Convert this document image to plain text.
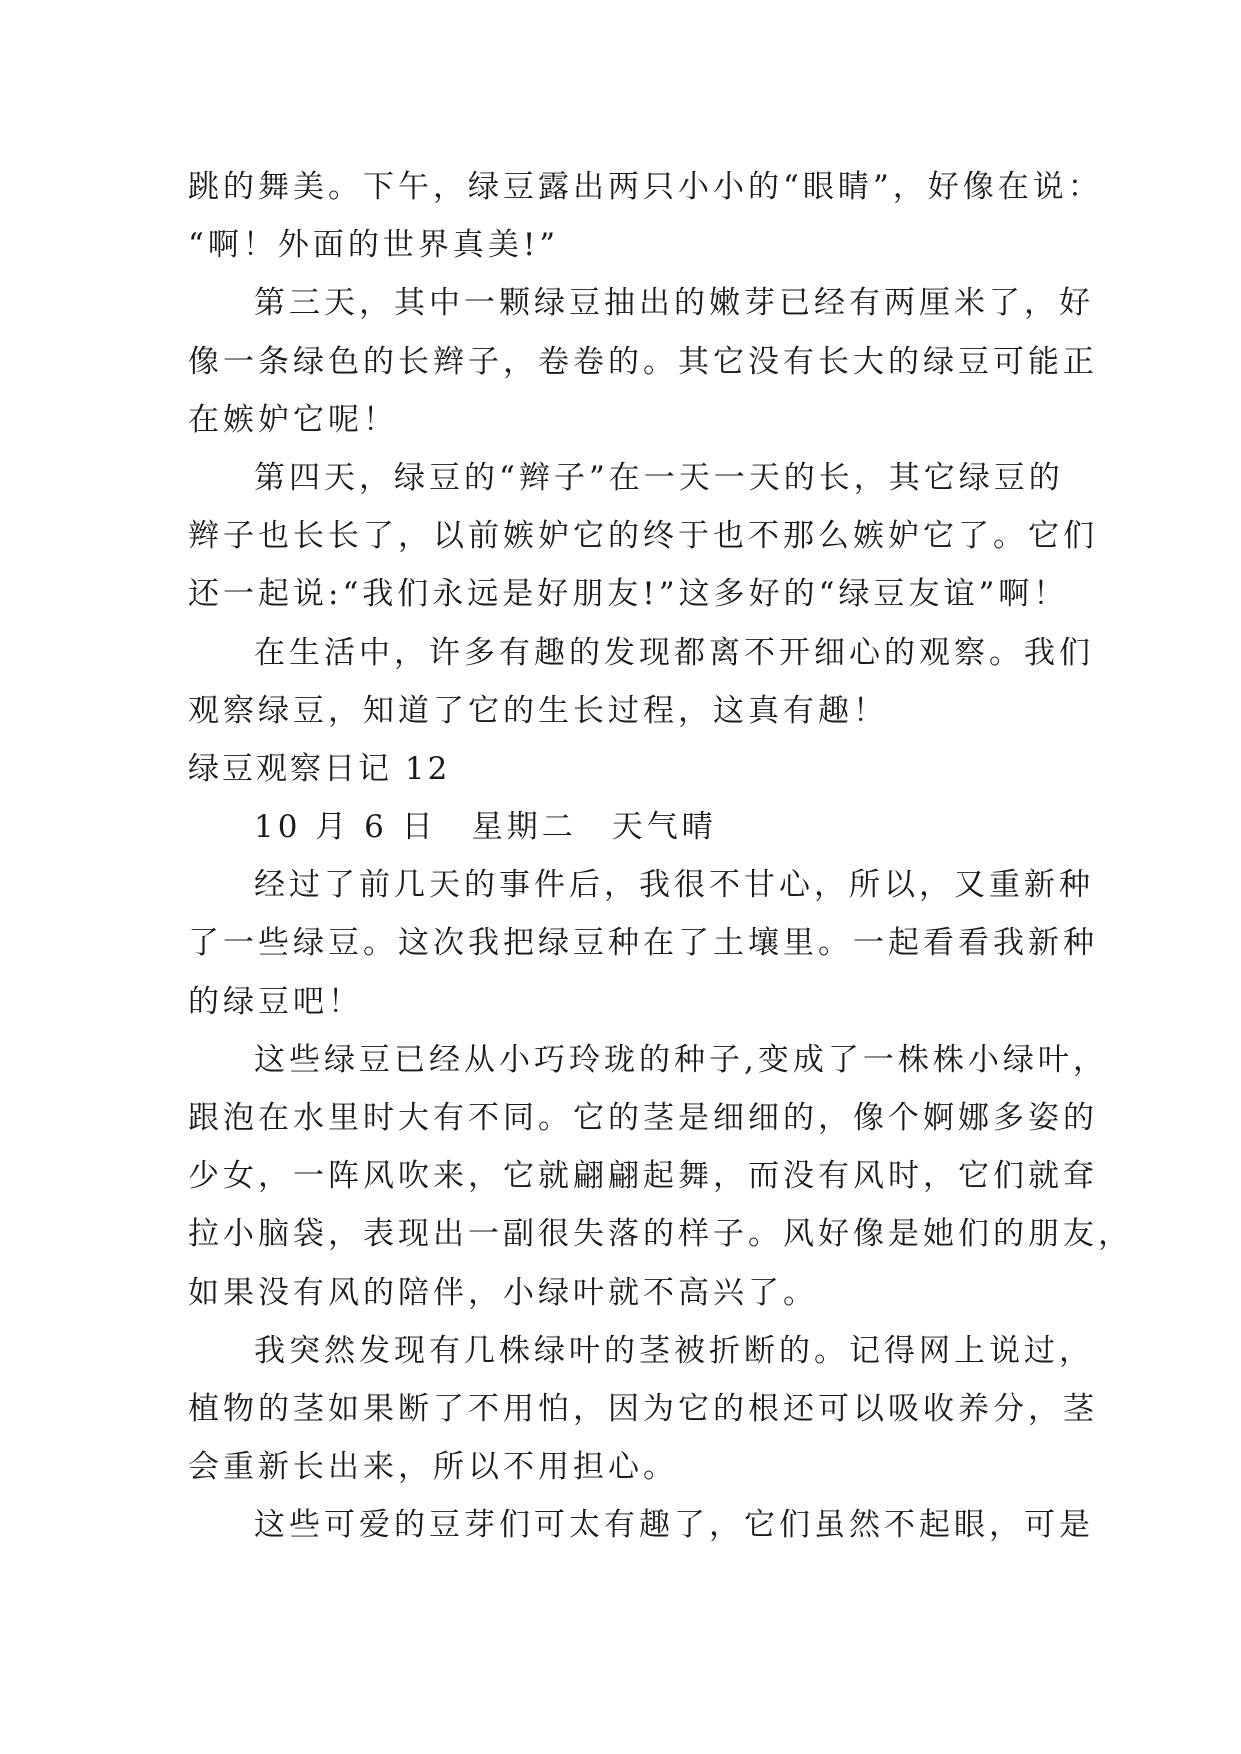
跳的舞美。下午，绿豆露出两只小小的“眼睛”，好像在说：
“啊！外面的世界真美!”
第三天，其中一颗绿豆抽出的嫩芽已经有两厘米了，好
像一条绿色的长辫子，卷卷的。其它没有长大的绿豆可能正
在嫉妒它呢！
第四天，绿豆的“辫子”在一天一天的长，其它绿豆的
辫子也长长了，以前嫉妒它的终于也不那么嫉妒它了。它们
还一起说:“我们永远是好朋友!”这多好的“绿豆友谊”啊！
在生活中，许多有趣的发现都离不开细心的观察。我们
观察绿豆，知道了它的生长过程，这真有趣！
绿豆观察日记 12
10 月 6 日　星期二　天气晴
经过了前几天的事件后，我很不甘心，所以，又重新种
了一些绿豆。这次我把绿豆种在了土壤里。一起看看我新种
的绿豆吧！
这些绿豆已经从小巧玲珑的种子,变成了一株株小绿叶，
跟泡在水里时大有不同。它的茎是细细的，像个婀娜多姿的
少女，一阵风吹来，它就翩翩起舞，而没有风时，它们就耷
拉小脑袋，表现出一副很失落的样子。风好像是她们的朋友，
如果没有风的陪伴，小绿叶就不高兴了。
我突然发现有几株绿叶的茎被折断的。记得网上说过，
植物的茎如果断了不用怕，因为它的根还可以吸收养分，茎
会重新长出来，所以不用担心。
这些可爱的豆芽们可太有趣了，它们虽然不起眼，可是
